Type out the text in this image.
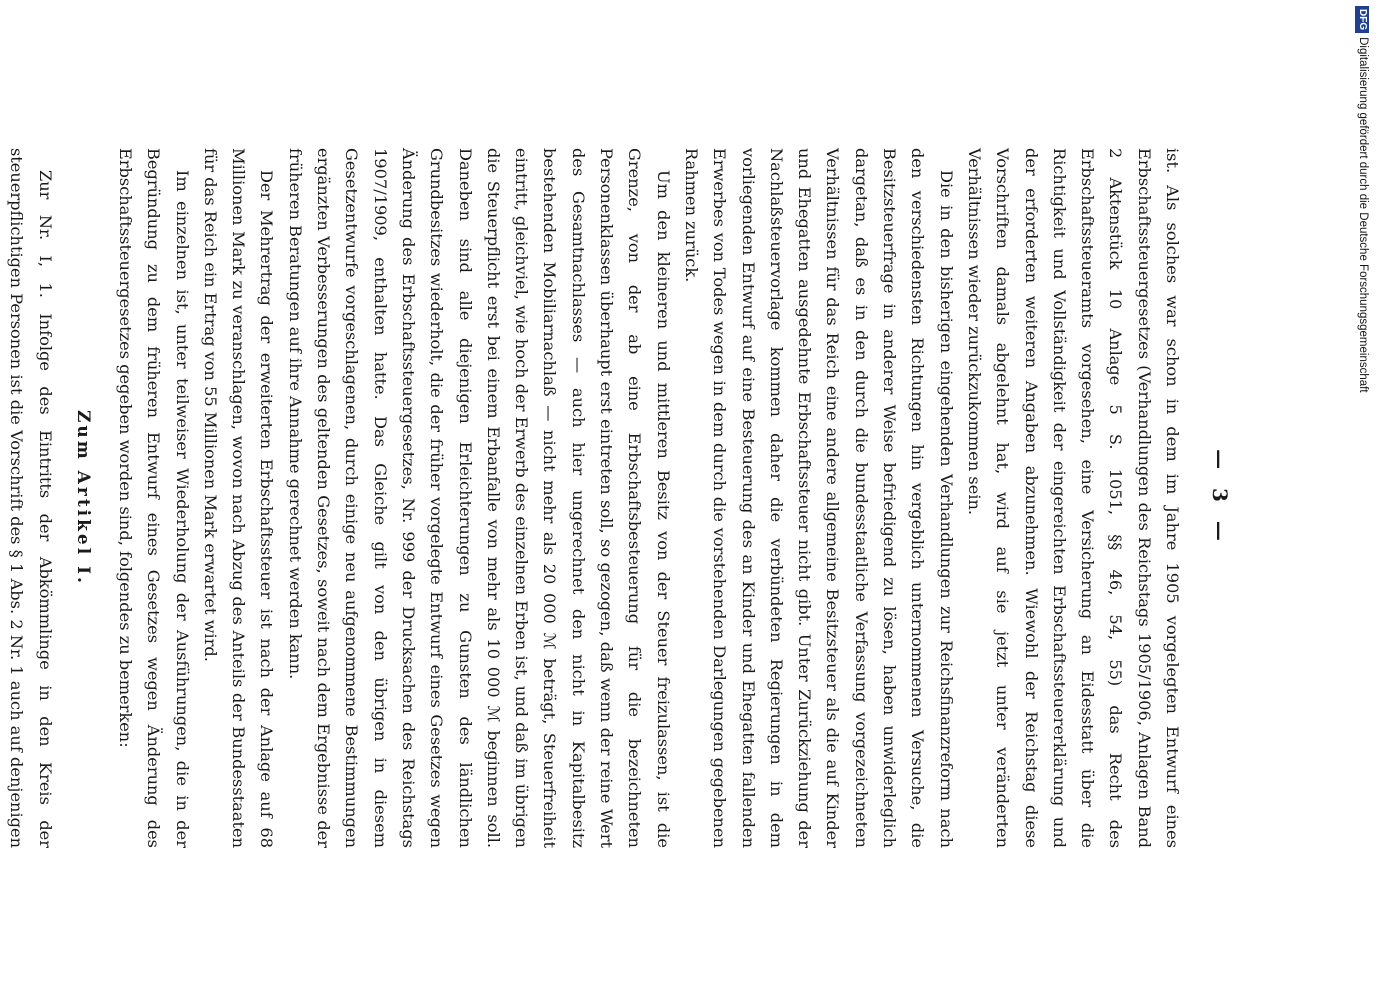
— 3 —

ist. Als solches war schon in dem im Jahre 1905 vorgelegten Entwurf eines Erbschaftssteuergesetzes (Verhandlungen des Reichstags 1905/1906, Anlagen Band 2 Aktenstück 10 Anlage 5 S. 1051, §§ 46, 54, 55) das Recht des Erbschaftssteueramts vorgesehen, eine Versicherung an Eidesstatt über die Richtigkeit und Vollständigkeit der eingereichten Erbschaftssteuererklärung und der erforderten weiteren Angaben abzunehmen. Wiewohl der Reichstag diese Vorschriften damals abgelehnt hat, wird auf sie jetzt unter veränderten Verhältnissen wieder zurückzukommen sein.

Die in den bisherigen eingehenden Verhandlungen zur Reichsfinanzreform nach den verschiedensten Richtungen hin vergeblich unternommenen Versuche, die Besitzsteuerfrage in anderer Weise befriedigend zu lösen, haben unwiderleglich dargetan, daß es in den durch die bundesstaatliche Verfassung vorgezeichneten Verhältnissen für das Reich eine andere allgemeine Besitzsteuer als die auf Kinder und Ehegatten ausgedehnte Erbschaftssteuer nicht gibt. Unter Zurückziehung der Nachlaßsteuervorlage kommen daher die verbündeten Regierungen in dem vorliegenden Entwurf auf eine Besteuerung des an Kinder und Ehegatten fallenden Erwerbes von Todes wegen in dem durch die vorstehenden Darlegungen gegebenen Rahmen zurück.

Um den kleineren und mittleren Besitz von der Steuer freizulassen, ist die Grenze, von der ab eine Erbschaftsbesteuerung für die bezeichneten Personenklassen überhaupt erst eintreten soll, so gezogen, daß wenn der reine Wert des Gesamtnachlasses — auch hier ungerechnet den nicht in Kapitalbesitz bestehenden Mobiliarnachlaß — nicht mehr als 20 000 ℳ beträgt, Steuerfreiheit eintritt, gleichviel, wie hoch der Erwerb des einzelnen Erben ist, und daß im übrigen die Steuerpflicht erst bei einem Erbanfalle von mehr als 10 000 ℳ beginnen soll. Daneben sind alle diejenigen Erleichterungen zu Gunsten des ländlichen Grundbesitzes wiederholt, die der früher vorgelegte Entwurf eines Gesetzes wegen Änderung des Erbschaftssteuergesetzes, Nr. 999 der Drucksachen des Reichstags 1907/1909, enthalten hatte. Das Gleiche gilt von den übrigen in diesem Gesetzentwurfe vorgeschlagenen, durch einige neu aufgenommene Bestimmungen ergänzten Verbesserungen des geltenden Gesetzes, soweit nach dem Ergebnisse der früheren Beratungen auf ihre Annahme gerechnet werden kann.

Der Mehrertrag der erweiterten Erbschaftssteuer ist nach der Anlage auf 68 Millionen Mark zu veranschlagen, wovon nach Abzug des Anteils der Bundesstaaten für das Reich ein Ertrag von 55 Millionen Mark erwartet wird.

Im einzelnen ist, unter teilweiser Wiederholung der Ausführungen, die in der Begründung zu dem früheren Entwurf eines Gesetzes wegen Änderung des Erbschaftssteuergesetzes gegeben worden sind, folgendes zu bemerken:

Zum Artikel I.

Zur Nr. I, 1. Infolge des Eintritts der Abkömmlinge in den Kreis der steuerpflichtigen Personen ist die Vorschrift des § 1 Abs. 2 Nr. 1 auch auf denjenigen

DFGDigitalisierung gefördert durch die Deutsche Forschungsgemeinschaft
